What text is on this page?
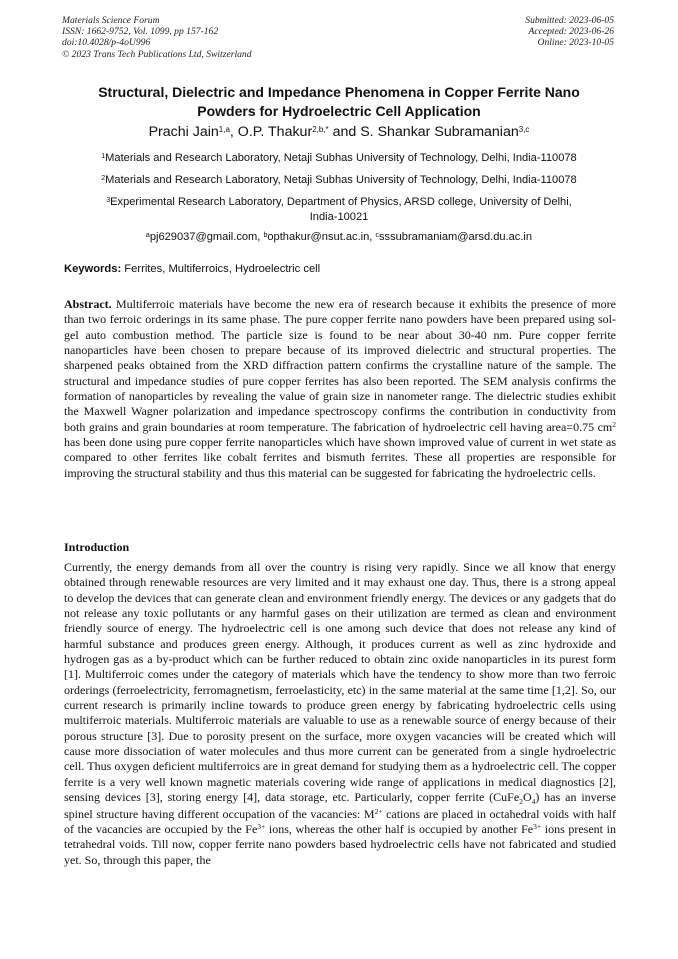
Materials Science Forum
ISSN: 1662-9752, Vol. 1099, pp 157-162
doi:10.4028/p-4oU996
© 2023 Trans Tech Publications Ltd, Switzerland
Submitted: 2023-06-05
Accepted: 2023-06-26
Online: 2023-10-05
Structural, Dielectric and Impedance Phenomena in Copper Ferrite Nano
Powders for Hydroelectric Cell Application
Prachi Jain$^{1,a}$, O.P. Thakur$^{2,b,*}$ and S. Shankar Subramanian$^{3,c}$
$^1$Materials and Research Laboratory, Netaji Subhas University of Technology, Delhi, India-110078
$^2$Materials and Research Laboratory, Netaji Subhas University of Technology, Delhi, India-110078
$^3$Experimental Research Laboratory, Department of Physics, ARSD college, University of Delhi,
India-10021
$^a$pj629037@gmail.com, $^b$opthakur@nsut.ac.in, $^c$sssubramaniam@arsd.du.ac.in
Keywords: Ferrites, Multiferroics, Hydroelectric cell
Abstract. Multiferroic materials have become the new era of research because it exhibits the presence of more than two ferroic orderings in its same phase. The pure copper ferrite nano powders have been prepared using sol-gel auto combustion method. The particle size is found to be near about 30-40 nm. Pure copper ferrite nanoparticles have been chosen to prepare because of its improved dielectric and structural properties. The sharpened peaks obtained from the XRD diffraction pattern confirms the crystalline nature of the sample. The structural and impedance studies of pure copper ferrites has also been reported. The SEM analysis confirms the formation of nanoparticles by revealing the value of grain size in nanometer range. The dielectric studies exhibit the Maxwell Wagner polarization and impedance spectroscopy confirms the contribution in conductivity from both grains and grain boundaries at room temperature. The fabrication of hydroelectric cell having area=0.75 $cm^2$ has been done using pure copper ferrite nanoparticles which have shown improved value of current in wet state as compared to other ferrites like cobalt ferrites and bismuth ferrites. These all properties are responsible for improving the structural stability and thus this material can be suggested for fabricating the hydroelectric cells.
Introduction
Currently, the energy demands from all over the country is rising very rapidly. Since we all know that energy obtained through renewable resources are very limited and it may exhaust one day. Thus, there is a strong appeal to develop the devices that can generate clean and environment friendly energy. The devices or any gadgets that do not release any toxic pollutants or any harmful gases on their utilization are termed as clean and environment friendly source of energy. The hydroelectric cell is one among such device that does not release any kind of harmful substance and produces green energy. Although, it produces current as well as zinc hydroxide and hydrogen gas as a by-product which can be further reduced to obtain zinc oxide nanoparticles in its purest form [1]. Multiferroic comes under the category of materials which have the tendency to show more than two ferroic orderings (ferroelectricity, ferromagnetism, ferroelasticity, etc) in the same material at the same time [1,2]. So, our current research is primarily incline towards to produce green energy by fabricating hydroelectric cells using multiferroic materials. Multiferroic materials are valuable to use as a renewable source of energy because of their porous structure [3]. Due to porosity present on the surface, more oxygen vacancies will be created which will cause more dissociation of water molecules and thus more current can be generated from a single hydroelectric cell. Thus oxygen deficient multiferroics are in great demand for studying them as a hydroelectric cell. The copper ferrite is a very well known magnetic materials covering wide range of applications in medical diagnostics [2], sensing devices [3], storing energy [4], data storage, etc. Particularly, copper ferrite $(CuFe_2O_4)$ has an inverse spinel structure having different occupation of the vacancies: $M^{2+}$ cations are placed in octahedral voids with half of the vacancies are occupied by the $Fe^{3+}$ ions, whereas the other half is occupied by another $Fe^{3+}$ ions present in tetrahedral voids. Till now, copper ferrite nano powders based hydroelectric cells have not fabricated and studied yet. So, through this paper, the
